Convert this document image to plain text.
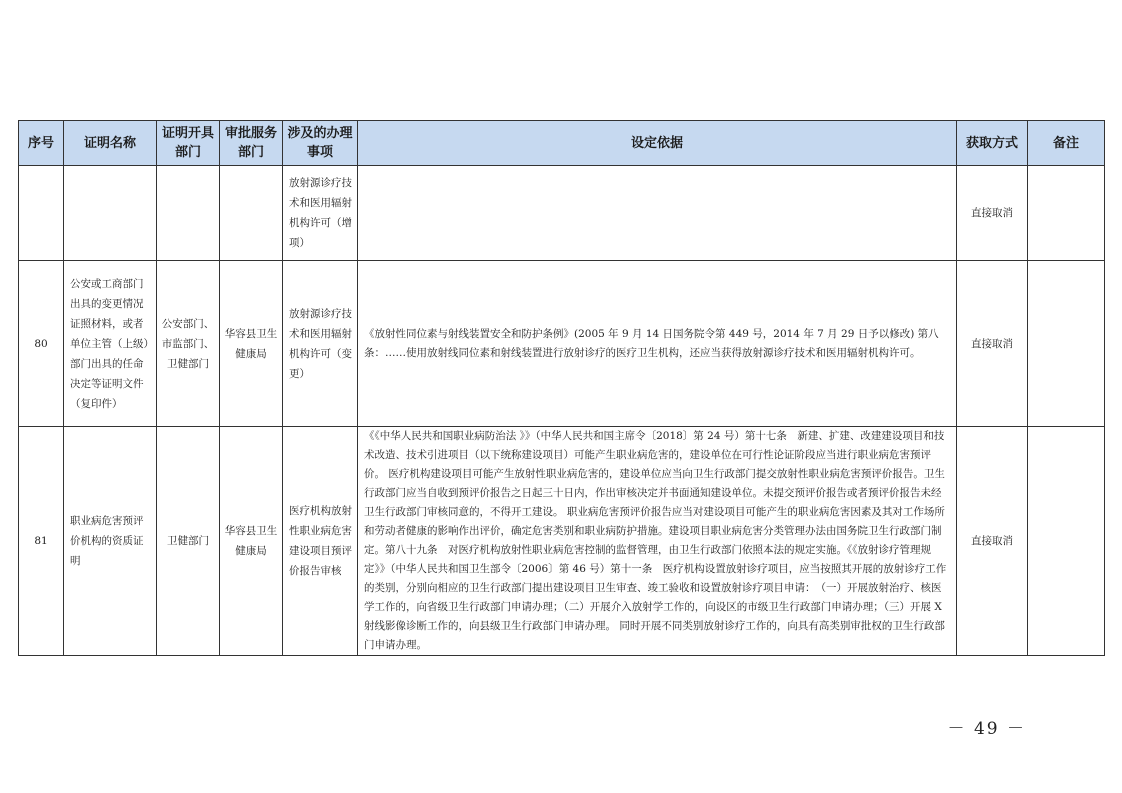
序号	证明名称	证明开具部门	审批服务部门	涉及的办理事项	设定依据	获取方式	备注
				放射源诊疗技术和医用辐射机构许可（增项）		直接取消	
80	公安或工商部门出具的变更情况证照材料，或者单位主管（上级）部门出具的任命决定等证明文件（复印件）	公安部门、市监部门、卫健部门	华容县卫生健康局	放射源诊疗技术和医用辐射机构许可（变更）	《放射性同位素与射线装置安全和防护条例》(2005 年 9 月 14 日国务院令第 449 号，2014 年 7 月 29 日予以修改) 第八条：……使用放射线同位素和射线装置进行放射诊疗的医疗卫生机构，还应当获得放射源诊疗技术和医用辐射机构许可。	直接取消	
81	职业病危害预评价机构的资质证明	卫健部门	华容县卫生健康局	医疗机构放射性职业病危害建设项目预评价报告审核	《《中华人民共和国职业病防治法 》》（中华人民共和国主席令〔2018〕第 24 号）第十七条　新建、扩建、改建建设项目和技术改造、技术引进项目（以下统称建设项目）可能产生职业病危害的，建设单位在可行性论证阶段应当进行职业病危害预评价。 医疗机构建设项目可能产生放射性职业病危害的，建设单位应当向卫生行政部门提交放射性职业病危害预评价报告。卫生行政部门应当自收到预评价报告之日起三十日内，作出审核决定并书面通知建设单位。未提交预评价报告或者预评价报告未经卫生行政部门审核同意的，不得开工建设。 职业病危害预评价报告应当对建设项目可能产生的职业病危害因素及其对工作场所和劳动者健康的影响作出评价，确定危害类别和职业病防护措施。建设项目职业病危害分类管理办法由国务院卫生行政部门制定。第八十九条　对医疗机构放射性职业病危害控制的监督管理，由卫生行政部门依照本法的规定实施。《《放射诊疗管理规定》》（中华人民共和国卫生部令〔2006〕第 46 号）第十一条　医疗机构设置放射诊疗项目，应当按照其开展的放射诊疗工作的类别，分别向相应的卫生行政部门提出建设项目卫生审查、竣工验收和设置放射诊疗项目申请：　（一）开展放射治疗、核医学工作的，向省级卫生行政部门申请办理；（二）开展介入放射学工作的，向设区的市级卫生行政部门申请办理；（三）开展 X 射线影像诊断工作的，向县级卫生行政部门申请办理。 同时开展不同类别放射诊疗工作的，向具有高类别审批权的卫生行政部门申请办理。	直接取消	
－ 49 －
